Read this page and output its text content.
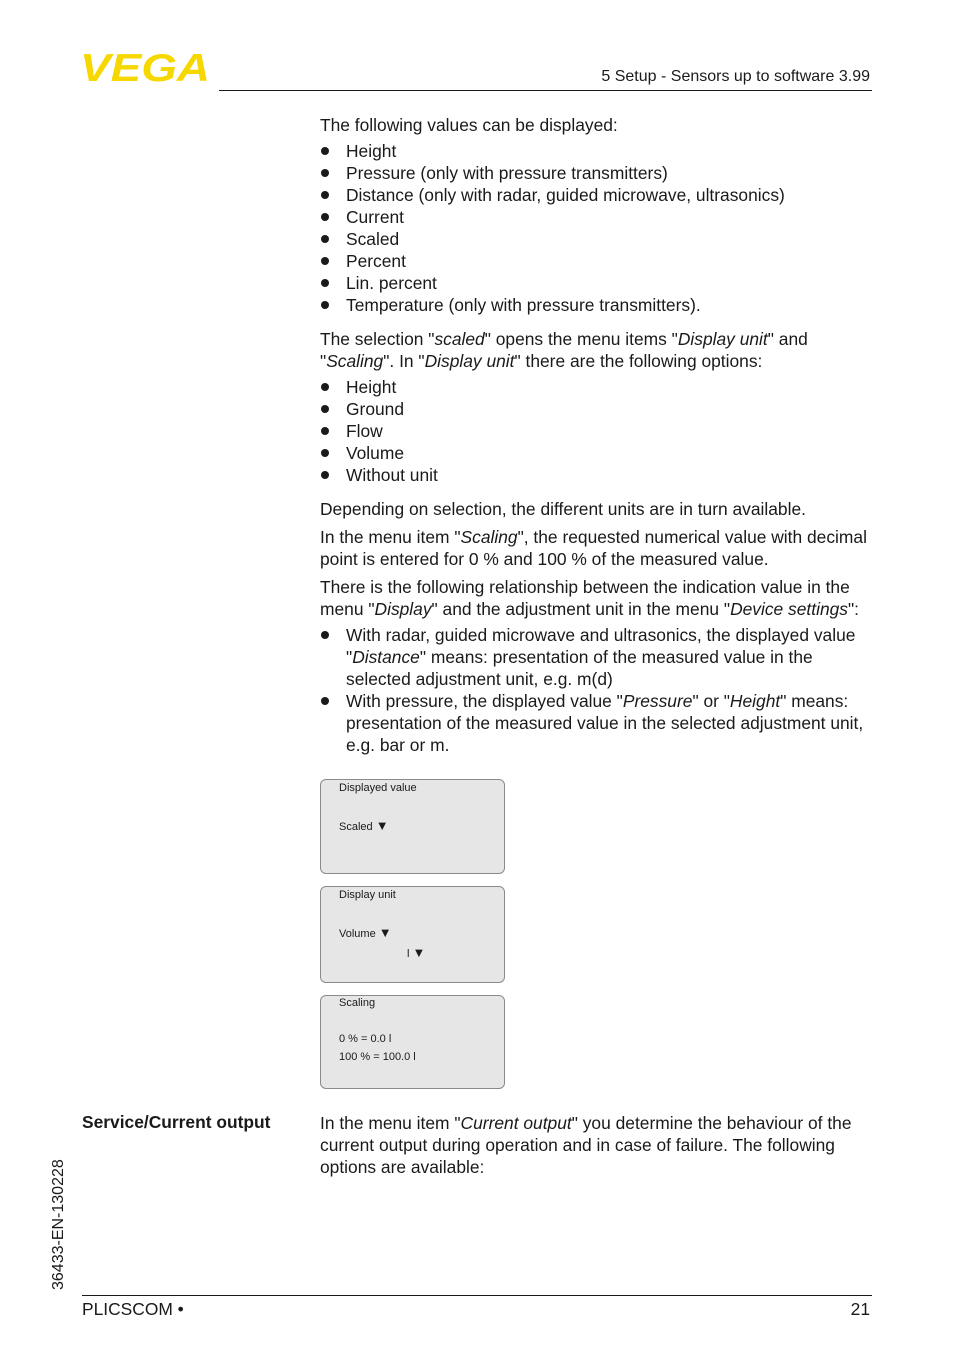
VEGA	5 Setup - Sensors up to software 3.99

The following values can be displayed:

Height
Pressure (only with pressure transmitters)
Distance (only with radar, guided microwave, ultrasonics)
Current
Scaled
Percent
Lin. percent
Temperature (only with pressure transmitters).

The selection "scaled" opens the menu items "Display unit" and "Scaling". In "Display unit" there are the following options:

Height
Ground
Flow
Volume
Without unit

Depending on selection, the different units are in turn available.

In the menu item "Scaling", the requested numerical value with decimal point is entered for 0 % and 100 % of the measured value.

There is the following relationship between the indication value in the menu "Display" and the adjustment unit in the menu "Device settings":

With radar, guided microwave and ultrasonics, the displayed value "Distance" means: presentation of the measured value in the selected adjustment unit, e.g. m(d)
With pressure, the displayed value "Pressure" or "Height" means: presentation of the measured value in the selected adjustment unit, e.g. bar or m.
Displayed value
Scaled ▼
Display unit
Volume ▼
l ▼
Scaling
0 % = 0.0 l
100 % = 100.0 l
Service/Current output	In the menu item "Current output" you determine the behaviour of the current output during operation and in case of failure. The following options are available:

36433-EN-130228
PLICSCOM •	21
